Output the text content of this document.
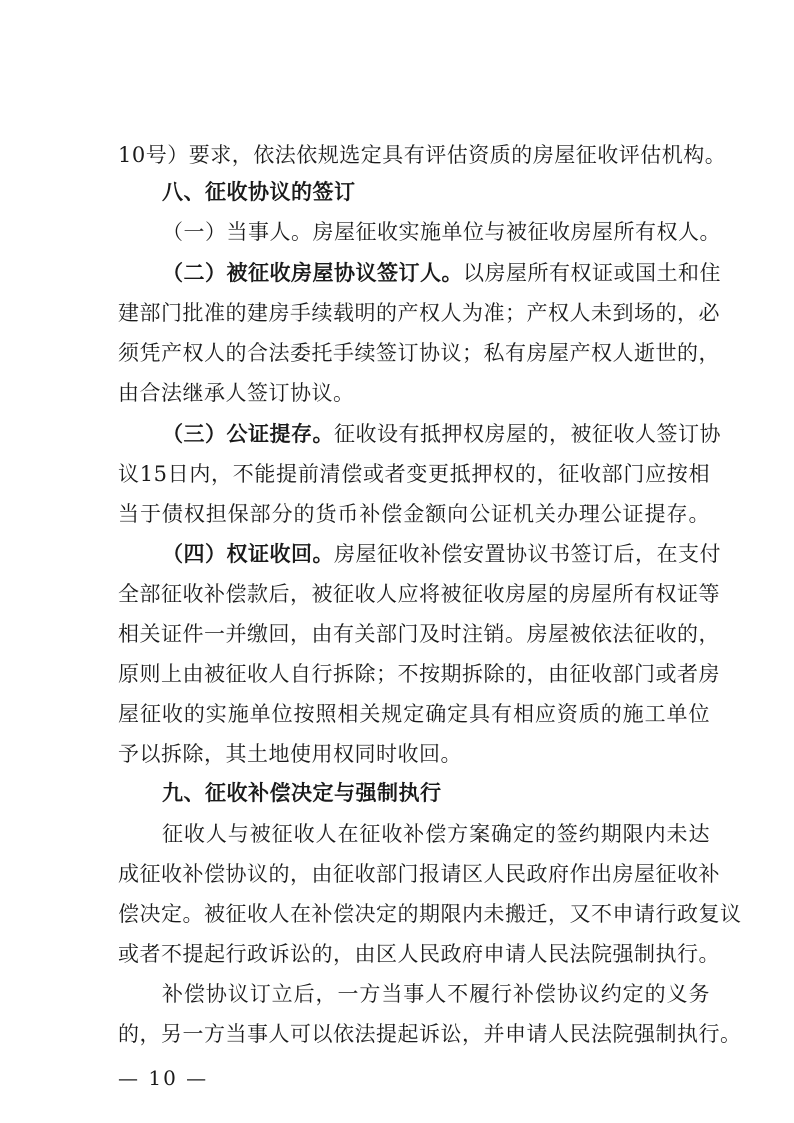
10号）要求，依法依规选定具有评估资质的房屋征收评估机构。
八、征收协议的签订
（一）当事人。房屋征收实施单位与被征收房屋所有权人。
（二）被征收房屋协议签订人。以房屋所有权证或国土和住
建部门批准的建房手续载明的产权人为准；产权人未到场的，必
须凭产权人的合法委托手续签订协议；私有房屋产权人逝世的，
由合法继承人签订协议。
（三）公证提存。征收设有抵押权房屋的，被征收人签订协
议15日内，不能提前清偿或者变更抵押权的，征收部门应按相
当于债权担保部分的货币补偿金额向公证机关办理公证提存。
（四）权证收回。房屋征收补偿安置协议书签订后，在支付
全部征收补偿款后，被征收人应将被征收房屋的房屋所有权证等
相关证件一并缴回，由有关部门及时注销。房屋被依法征收的，
原则上由被征收人自行拆除；不按期拆除的，由征收部门或者房
屋征收的实施单位按照相关规定确定具有相应资质的施工单位
予以拆除，其土地使用权同时收回。
九、征收补偿决定与强制执行
征收人与被征收人在征收补偿方案确定的签约期限内未达
成征收补偿协议的，由征收部门报请区人民政府作出房屋征收补
偿决定。被征收人在补偿决定的期限内未搬迁，又不申请行政复议
或者不提起行政诉讼的，由区人民政府申请人民法院强制执行。
补偿协议订立后，一方当事人不履行补偿协议约定的义务
的，另一方当事人可以依法提起诉讼，并申请人民法院强制执行。
— 10 —
